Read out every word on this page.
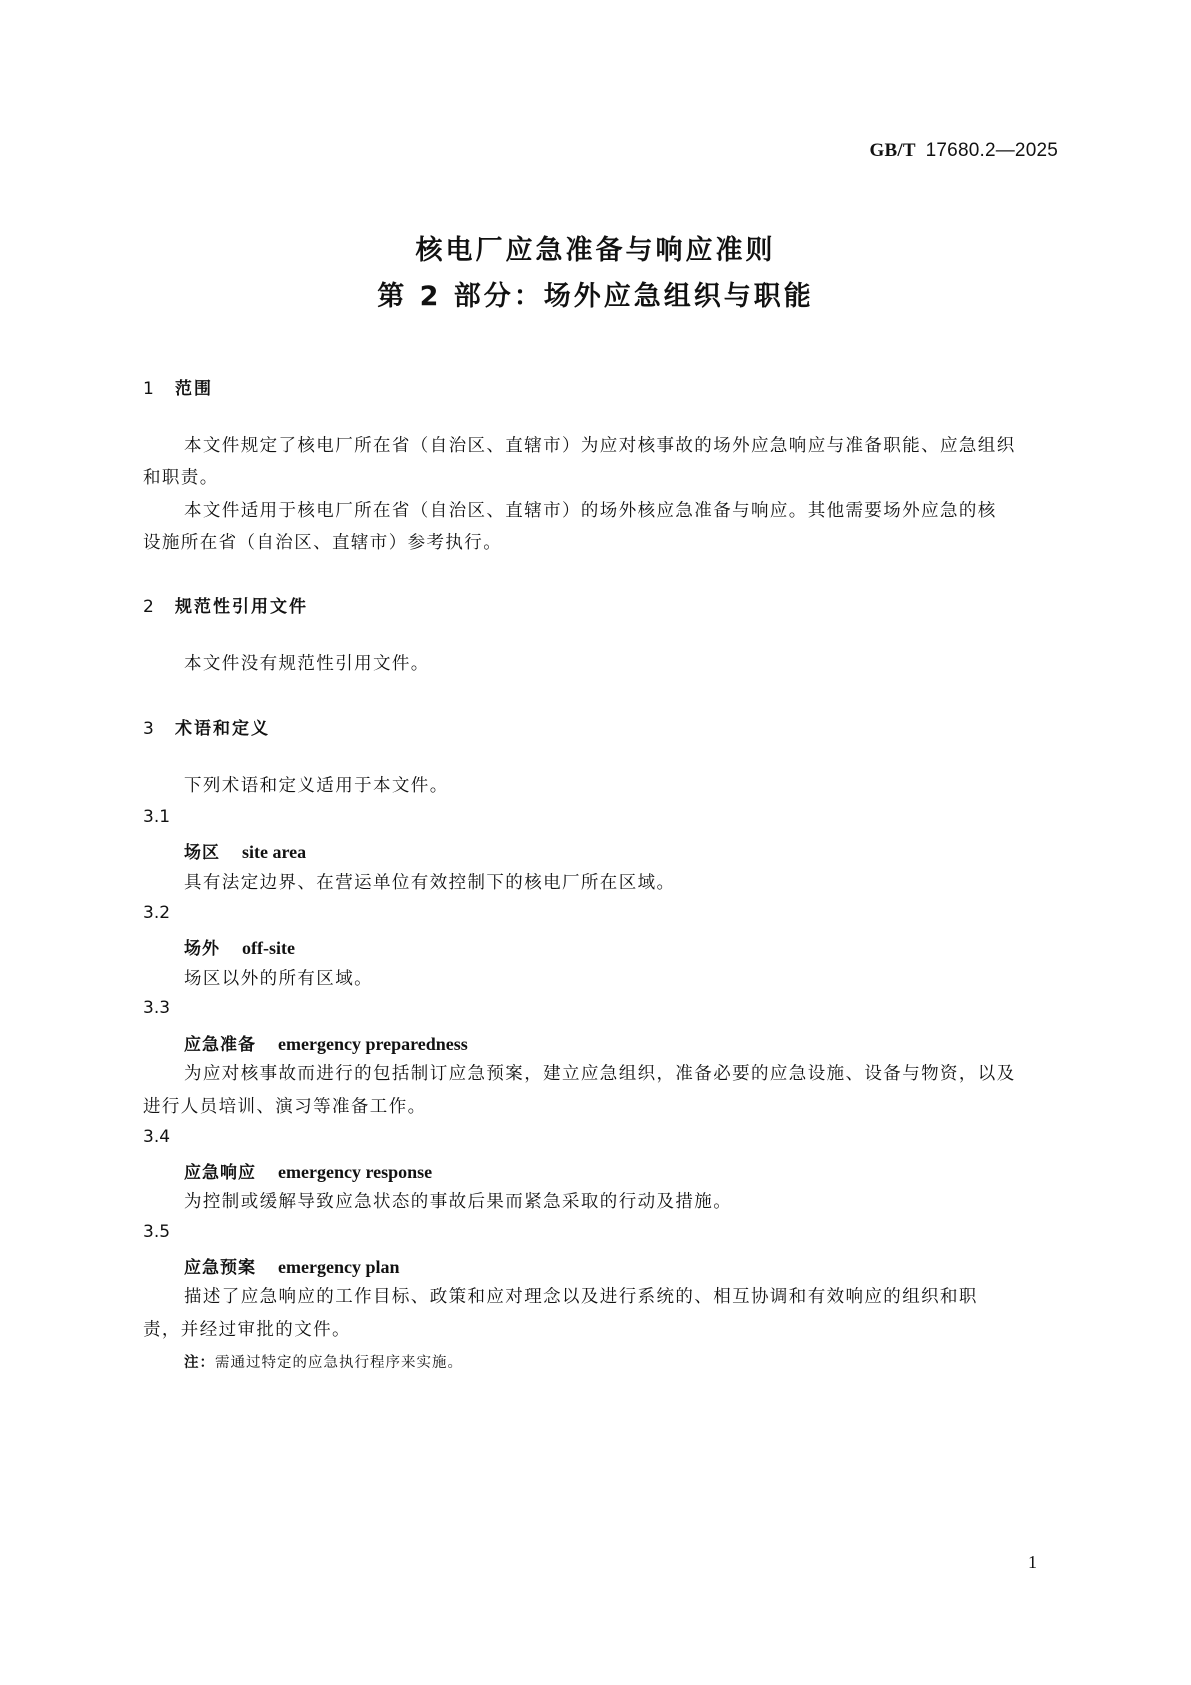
GB/T 17680.2—2025
核电厂应急准备与响应准则
第 2 部分：场外应急组织与职能
1 范围
本文件规定了核电厂所在省（自治区、直辖市）为应对核事故的场外应急响应与准备职能、应急组织
和职责。
本文件适用于核电厂所在省（自治区、直辖市）的场外核应急准备与响应。其他需要场外应急的核
设施所在省（自治区、直辖市）参考执行。
2 规范性引用文件
本文件没有规范性引用文件。
3 术语和定义
下列术语和定义适用于本文件。
3.1
场区 site area
具有法定边界、在营运单位有效控制下的核电厂所在区域。
3.2
场外 off-site
场区以外的所有区域。
3.3
应急准备 emergency preparedness
为应对核事故而进行的包括制订应急预案，建立应急组织，准备必要的应急设施、设备与物资，以及
进行人员培训、演习等准备工作。
3.4
应急响应 emergency response
为控制或缓解导致应急状态的事故后果而紧急采取的行动及措施。
3.5
应急预案 emergency plan
描述了应急响应的工作目标、政策和应对理念以及进行系统的、相互协调和有效响应的组织和职
责，并经过审批的文件。
注：需通过特定的应急执行程序来实施。
1
